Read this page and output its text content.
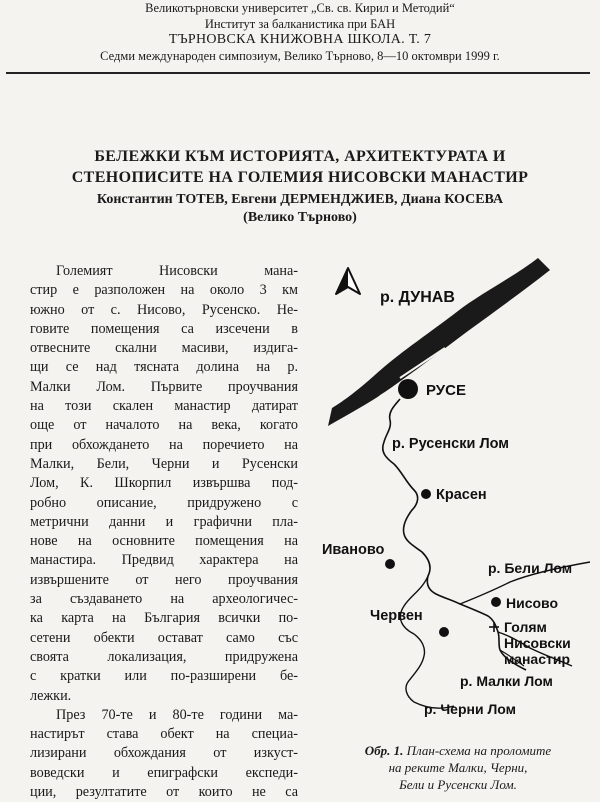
Великотърновски университет „Св. св. Кирил и Методий“
Институт за балканистика при БАН
ТЪРНОВСКА КНИЖОВНА ШКОЛА. Т. 7
Седми международен симпозиум, Велико Търново, 8—10 октомври 1999 г.
БЕЛЕЖКИ КЪМ ИСТОРИЯТА, АРХИТЕКТУРАТА И
СТЕНОПИСИТЕ НА ГОЛЕМИЯ НИСОВСКИ МАНАСТИР
Константин ТОТЕВ, Евгени ДЕРМЕНДЖИЕВ, Диана КОСЕВА
(Велико Търново)
Големият Нисовски мана-
стир е разположен на около 3 км
южно от с. Нисово, Русенско. Не-
говите помещения са изсечени в
отвесните скални масиви, издига-
щи се над тясната долина на р.
Малки Лом. Първите проучвания
на този скален манастир датират
още от началото на века, когато
при обхождането на поречието на
Малки, Бели, Черни и Русенски
Лом, К. Шкорпил извършва под-
робно описание, придружено с
метрични данни и графични пла-
нове на основните помещения на
манастира. Предвид характера на
извършените от него проучвания
за създаването на археологичес-
ка карта на България всички по-
сетени обекти остават само със
своята локализация, придружена
с кратки или по-разширени бе-
лежки.
През 70-те и 80-те години ма-
настирът става обект на специа-
лизирани обхождания от изкуст-
воведски и епиграфски експеди-
ции, резултатите от които не са
р. ДУНАВ
РУСЕ
р. Русенски Лом
Красен
Иваново
р. Бели Лом
Нисово
Червен
Голям
Нисовски
манастир
р. Малки Лом
р. Черни Лом
Обр. 1. План-схема на проломите
на реките Малки, Черни,
Бели и Русенски Лом.
